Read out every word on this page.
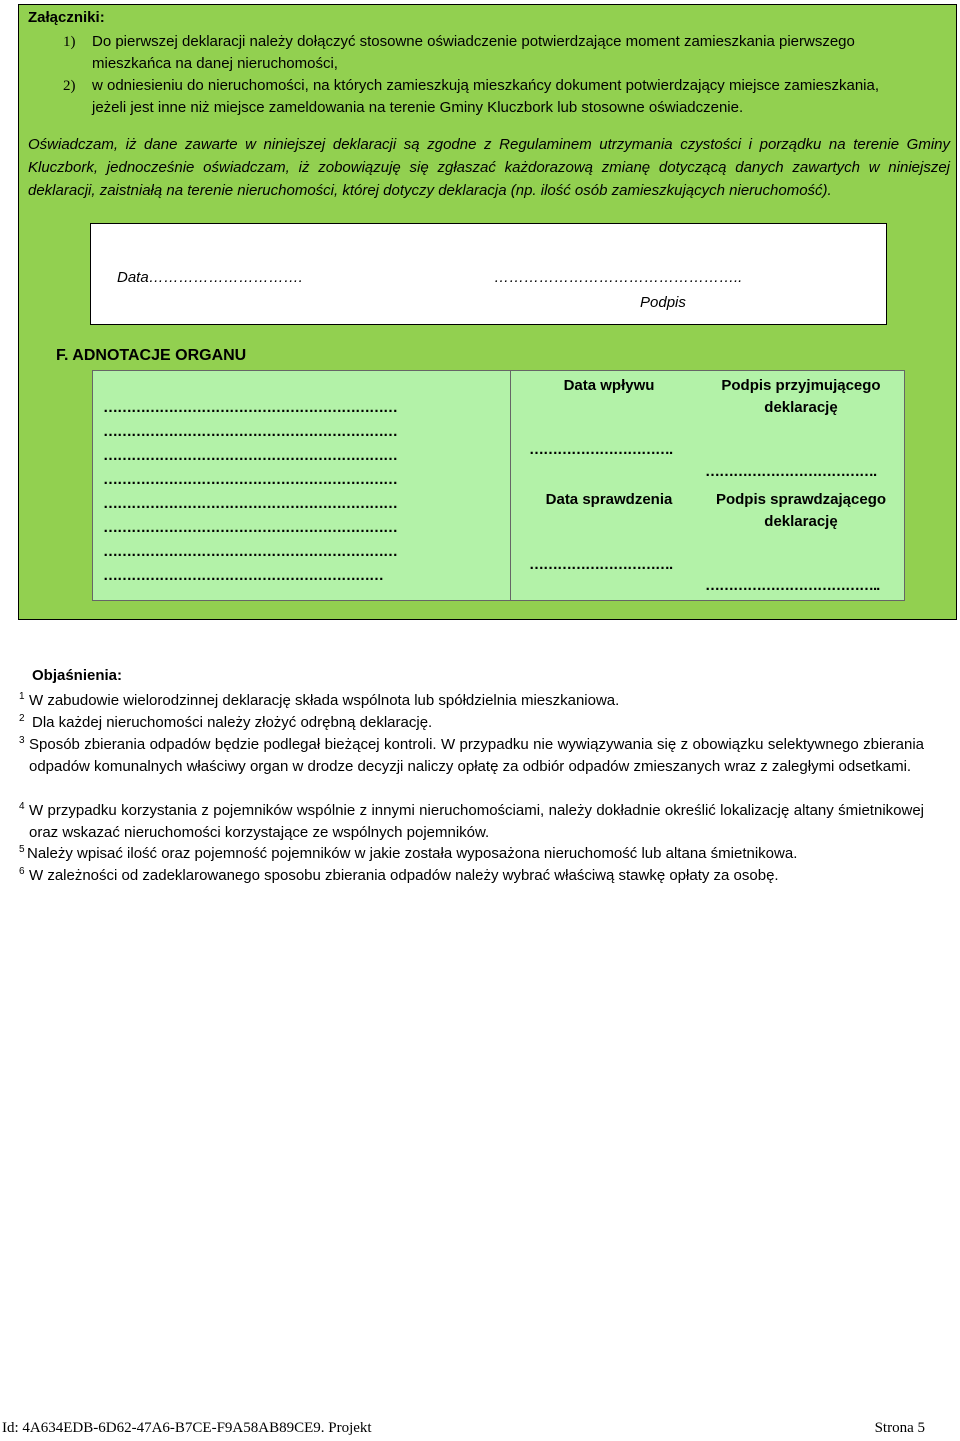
Załączniki:
1)	Do pierwszej deklaracji należy dołączyć stosowne oświadczenie potwierdzające moment zamieszkania pierwszego
mieszkańca na danej nieruchomości,
2)	w odniesieniu do nieruchomości, na których zamieszkują mieszkańcy dokument potwierdzający miejsce zamieszkania,
jeżeli jest inne niż miejsce zameldowania na terenie Gminy Kluczbork lub stosowne oświadczenie.
Oświadczam, iż dane zawarte w niniejszej deklaracji są zgodne z Regulaminem utrzymania czystości i porządku na terenie Gminy Kluczbork, jednocześnie oświadczam, iż zobowiązuję się zgłaszać każdorazową zmianę dotyczącą danych zawartych w niniejszej deklaracji, zaistniałą na terenie nieruchomości, której dotyczy deklaracja (np. ilość osób zamieszkujących nieruchomość).
Data………………………….	…………………………………………..
Podpis
F. ADNOTACJE ORGANU
………………………………………………………
………………………………………………………
………………………………………………………
………………………………………………………
………………………………………………………
………………………………………………………
………………………………………………………
……………………………………………………
Data wpływu
………………………….
Podpis przyjmującego deklarację
……………………………….
Data sprawdzenia
………………………….
Podpis sprawdzającego deklarację
………………………………..
Objaśnienia:
$^1$ W zabudowie wielorodzinnej deklarację składa wspólnota lub spółdzielnia mieszkaniowa.
$^2$ Dla każdej nieruchomości należy złożyć odrębną deklarację.
$^3$ Sposób zbierania odpadów będzie podlegał bieżącej kontroli. W przypadku nie wywiązywania się z obowiązku selektywnego zbierania odpadów komunalnych właściwy organ w drodze decyzji naliczy opłatę za odbiór odpadów zmieszanych wraz z zaległymi odsetkami.
$^4$ W przypadku korzystania z pojemników wspólnie z innymi nieruchomościami, należy dokładnie określić lokalizację altany śmietnikowej oraz wskazać nieruchomości korzystające ze wspólnych pojemników.
$^5$ Należy wpisać ilość oraz pojemność pojemników w jakie została wyposażona nieruchomość lub altana śmietnikowa.
$^6$ W zależności od zadeklarowanego sposobu zbierania odpadów należy wybrać właściwą stawkę opłaty za osobę.
Id: 4A634EDB-6D62-47A6-B7CE-F9A58AB89CE9. Projekt	Strona 5
